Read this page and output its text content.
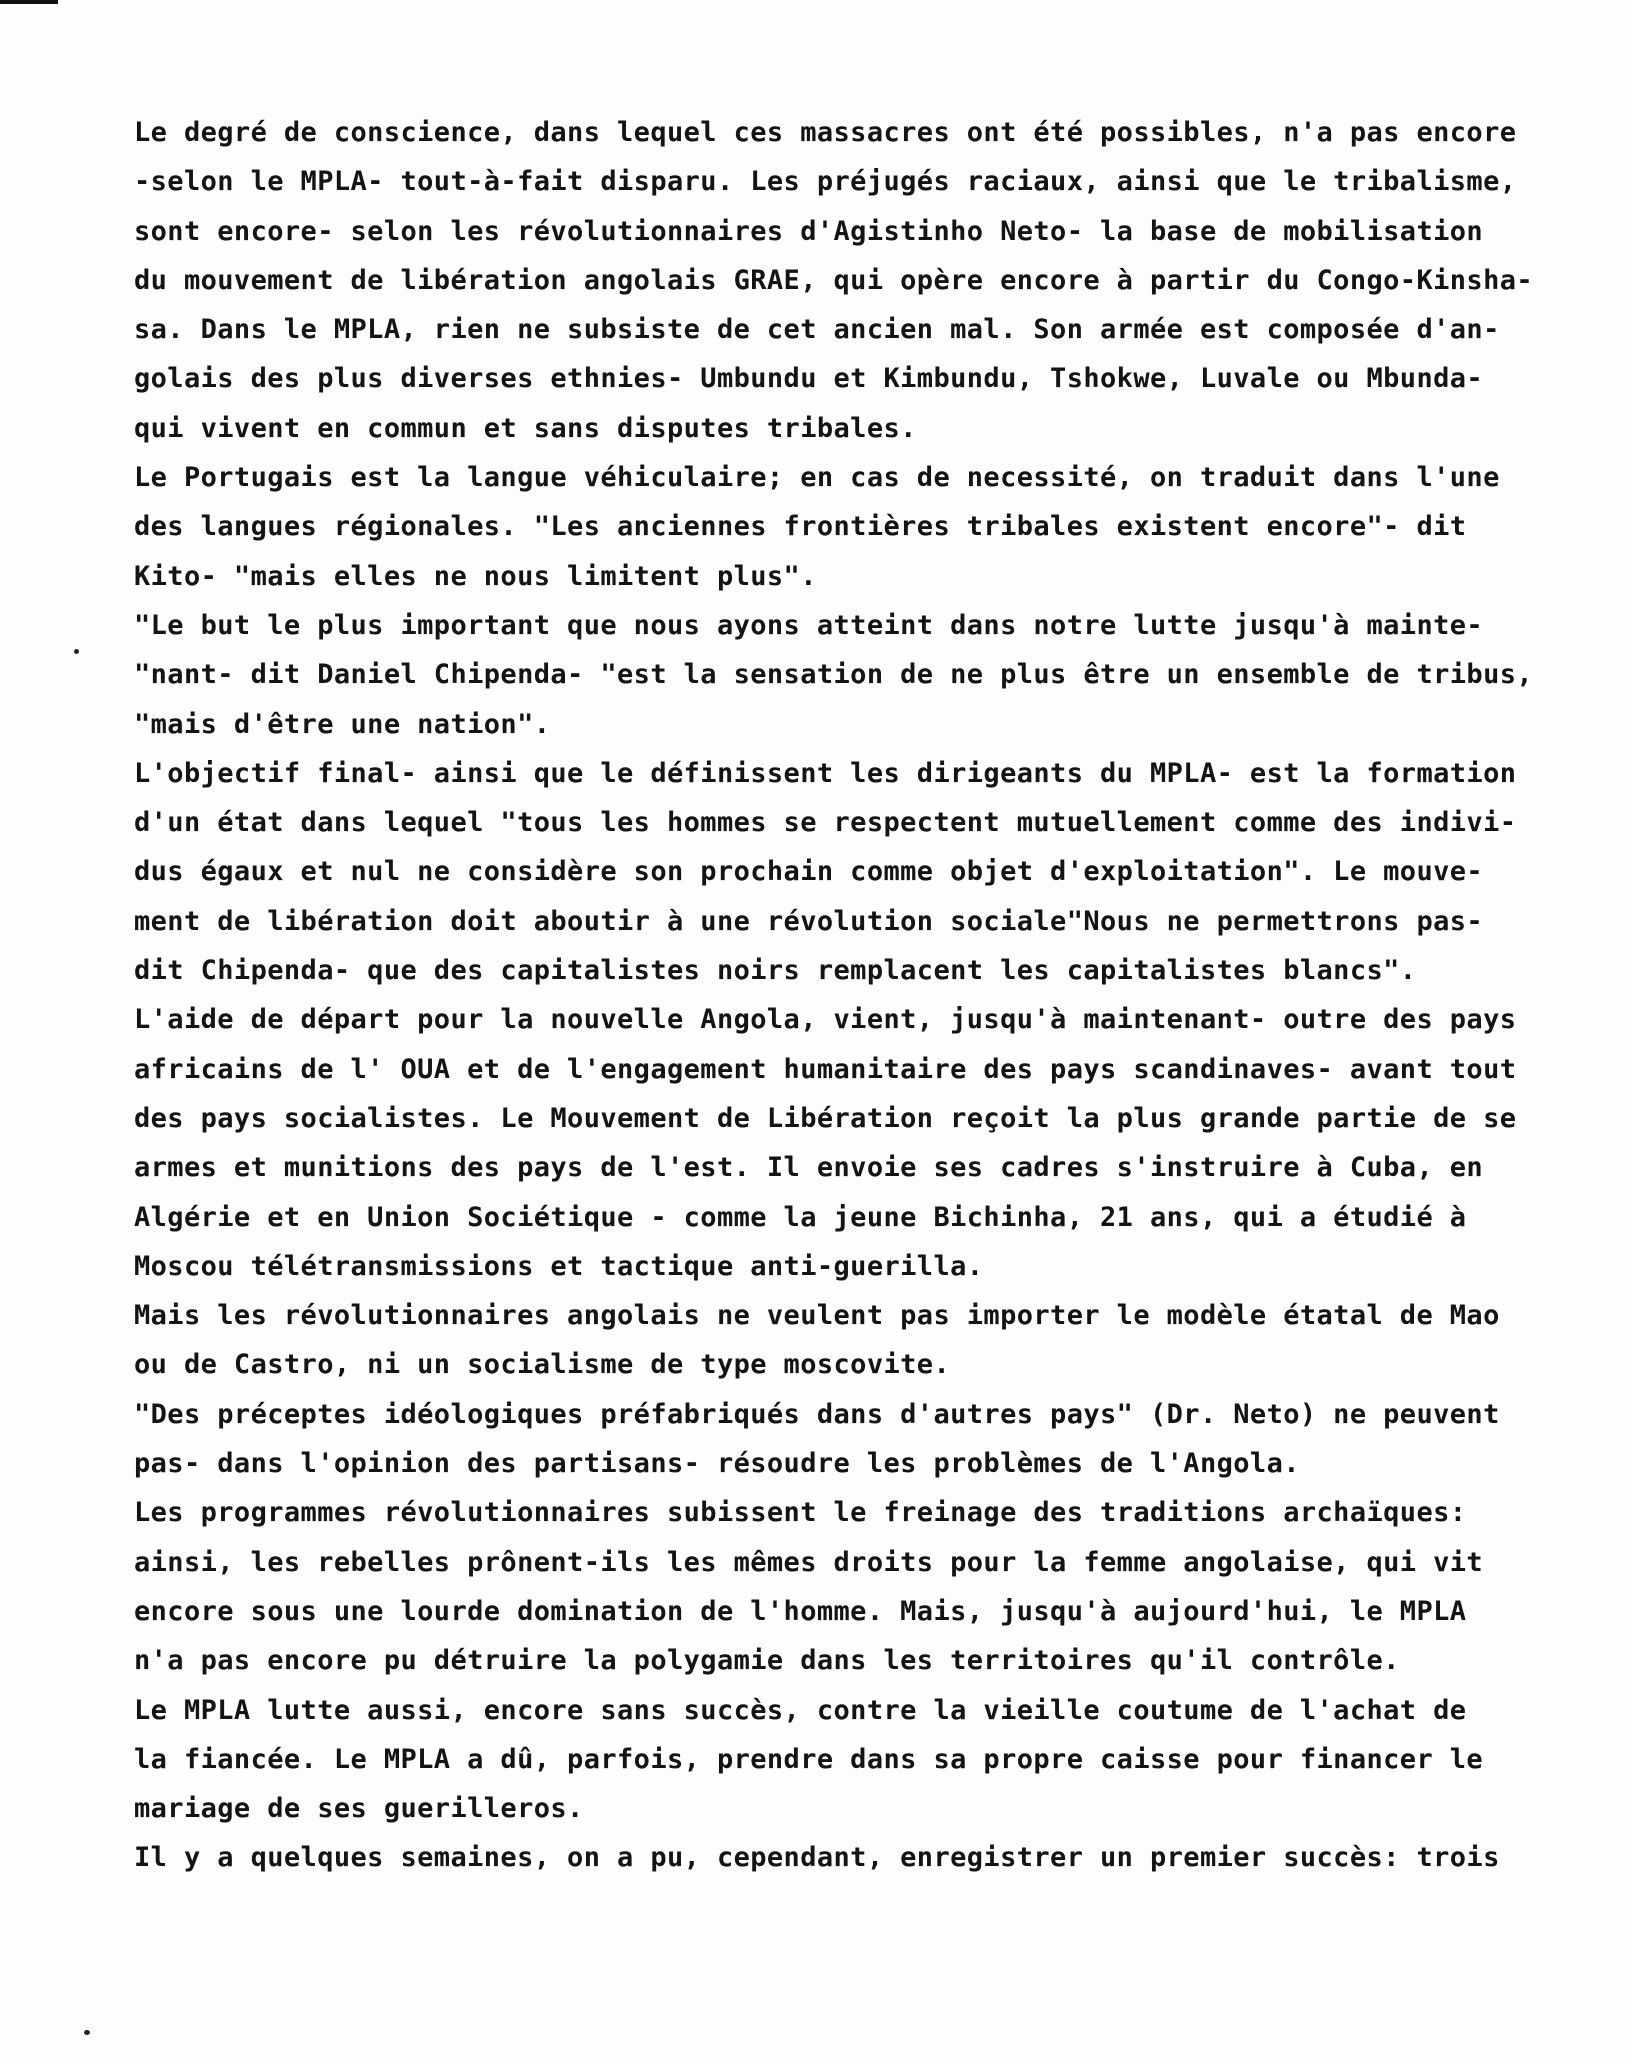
Le degré de conscience, dans lequel ces massacres ont été possibles, n'a pas encore
-selon le MPLA- tout-à-fait disparu. Les préjugés raciaux, ainsi que le tribalisme,
sont encore- selon les révolutionnaires d'Agistinho Neto- la base de mobilisation
du mouvement de libération angolais GRAE, qui opère encore à partir du Congo-Kinsha-
sa. Dans le MPLA, rien ne subsiste de cet ancien mal. Son armée est composée d'an-
golais des plus diverses ethnies- Umbundu et Kimbundu, Tshokwe, Luvale ou Mbunda-
qui vivent en commun et sans disputes tribales.
Le Portugais est la langue véhiculaire; en cas de necessité, on traduit dans l'une
des langues régionales. "Les anciennes frontières tribales existent encore"- dit
Kito- "mais elles ne nous limitent plus".
"Le but le plus important que nous ayons atteint dans notre lutte jusqu'à mainte-
"nant- dit Daniel Chipenda- "est la sensation de ne plus être un ensemble de tribus,
"mais d'être une nation".
L'objectif final- ainsi que le définissent les dirigeants du MPLA- est la formation
d'un état dans lequel "tous les hommes se respectent mutuellement comme des indivi-
dus égaux et nul ne considère son prochain comme objet d'exploitation". Le mouve-
ment de libération doit aboutir à une révolution sociale"Nous ne permettrons pas-
dit Chipenda- que des capitalistes noirs remplacent les capitalistes blancs".
L'aide de départ pour la nouvelle Angola, vient, jusqu'à maintenant- outre des pays
africains de l' OUA et de l'engagement humanitaire des pays scandinaves- avant tout
des pays socialistes. Le Mouvement de Libération reçoit la plus grande partie de se
armes et munitions des pays de l'est. Il envoie ses cadres s'instruire à Cuba, en
Algérie et en Union Sociétique - comme la jeune Bichinha, 21 ans, qui a étudié à
Moscou télétransmissions et tactique anti-guerilla.
Mais les révolutionnaires angolais ne veulent pas importer le modèle étatal de Mao
ou de Castro, ni un socialisme de type moscovite.
"Des préceptes idéologiques préfabriqués dans d'autres pays" (Dr. Neto) ne peuvent
pas- dans l'opinion des partisans- résoudre les problèmes de l'Angola.
Les programmes révolutionnaires subissent le freinage des traditions archaïques:
ainsi, les rebelles prônent-ils les mêmes droits pour la femme angolaise, qui vit
encore sous une lourde domination de l'homme. Mais, jusqu'à aujourd'hui, le MPLA
n'a pas encore pu détruire la polygamie dans les territoires qu'il contrôle.
Le MPLA lutte aussi, encore sans succès, contre la vieille coutume de l'achat de
la fiancée. Le MPLA a dû, parfois, prendre dans sa propre caisse pour financer le
mariage de ses guerilleros.
Il y a quelques semaines, on a pu, cependant, enregistrer un premier succès: trois
